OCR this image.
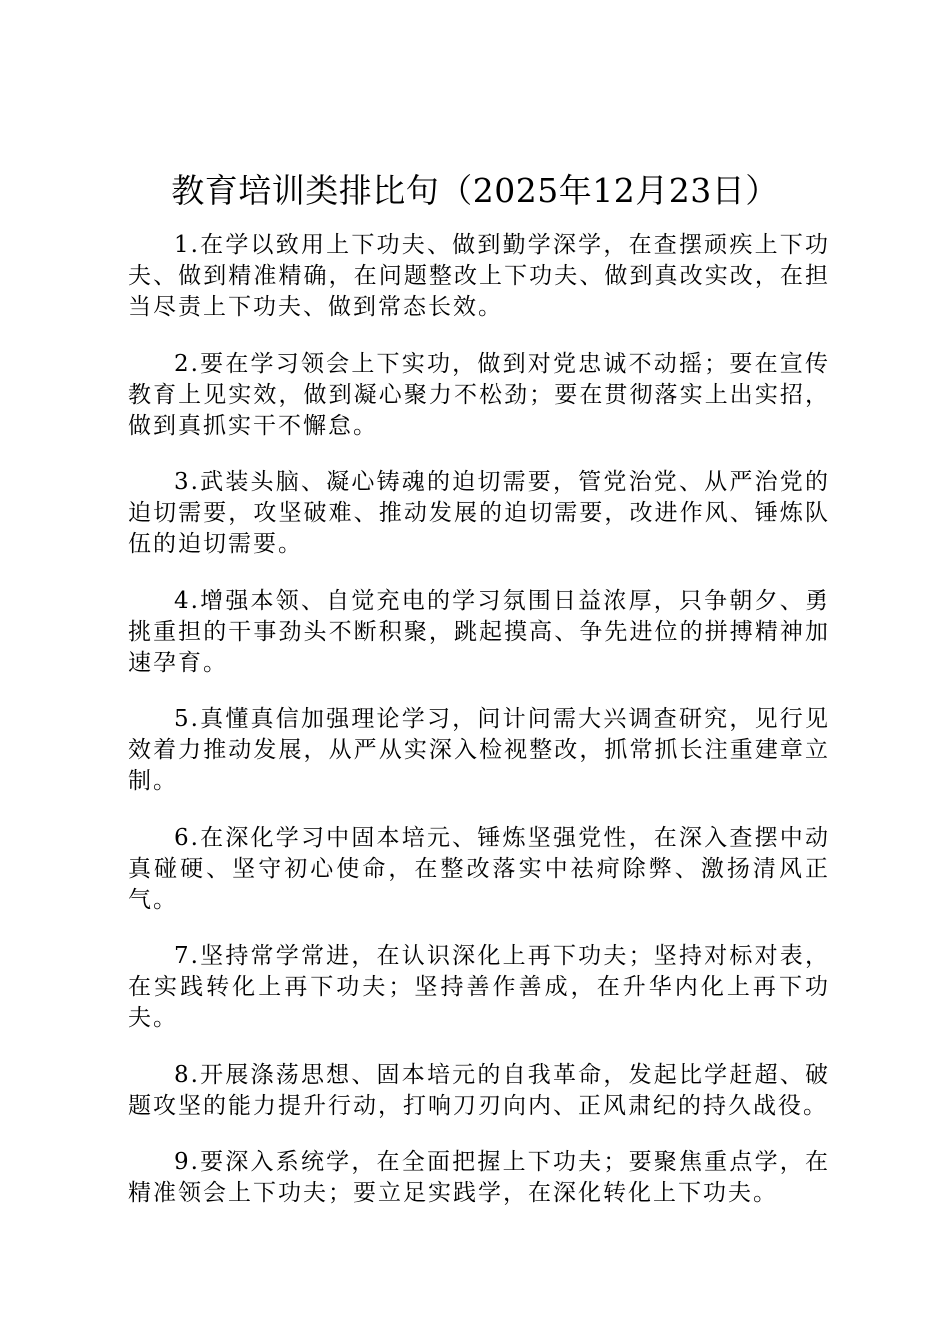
教育培训类排比句（2025年12月23日）

1.在学以致用上下功夫、做到勤学深学，在查摆顽疾上下功夫、做到精准精确，在问题整改上下功夫、做到真改实改，在担当尽责上下功夫、做到常态长效。

2.要在学习领会上下实功，做到对党忠诚不动摇；要在宣传教育上见实效，做到凝心聚力不松劲；要在贯彻落实上出实招，做到真抓实干不懈怠。

3.武装头脑、凝心铸魂的迫切需要，管党治党、从严治党的迫切需要，攻坚破难、推动发展的迫切需要，改进作风、锤炼队伍的迫切需要。

4.增强本领、自觉充电的学习氛围日益浓厚，只争朝夕、勇挑重担的干事劲头不断积聚，跳起摸高、争先进位的拼搏精神加速孕育。

5.真懂真信加强理论学习，问计问需大兴调查研究，见行见效着力推动发展，从严从实深入检视整改，抓常抓长注重建章立制。

6.在深化学习中固本培元、锤炼坚强党性，在深入查摆中动真碰硬、坚守初心使命，在整改落实中祛疴除弊、激扬清风正气。

7.坚持常学常进，在认识深化上再下功夫；坚持对标对表，在实践转化上再下功夫；坚持善作善成，在升华内化上再下功夫。

8.开展涤荡思想、固本培元的自我革命，发起比学赶超、破题攻坚的能力提升行动，打响刀刃向内、正风肃纪的持久战役。

9.要深入系统学，在全面把握上下功夫；要聚焦重点学，在精准领会上下功夫；要立足实践学，在深化转化上下功夫。
